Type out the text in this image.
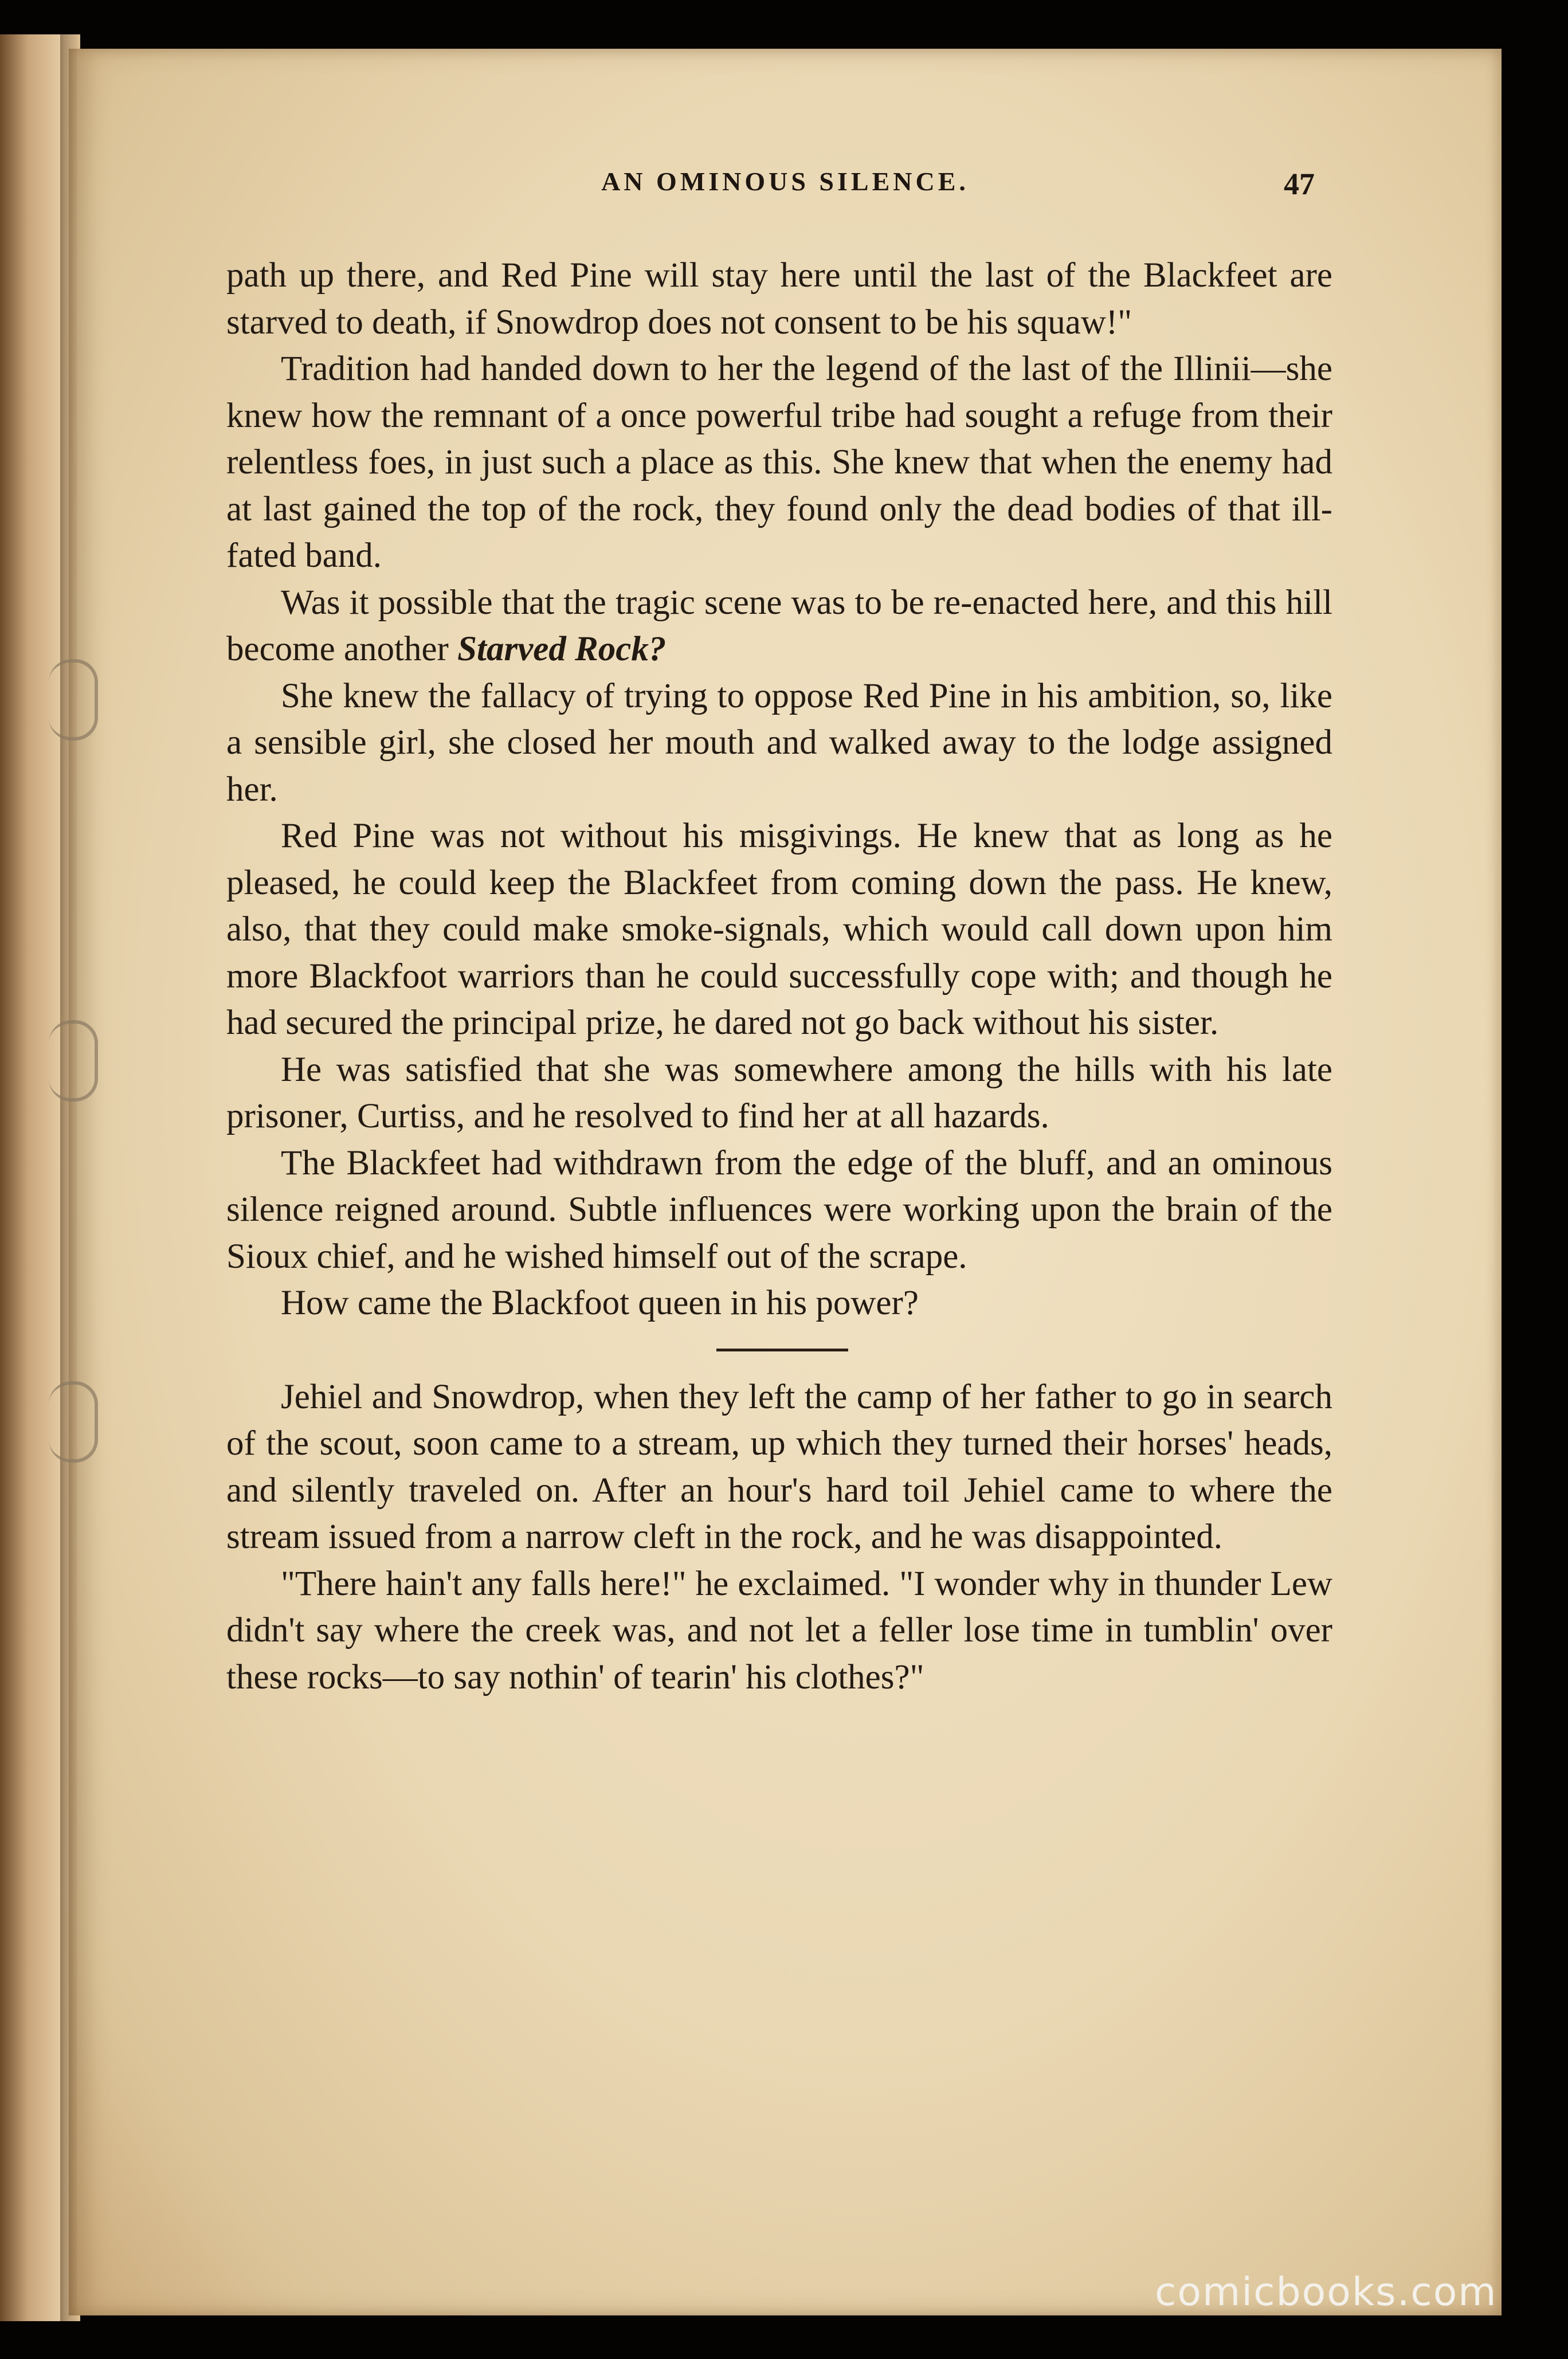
AN OMINOUS SILENCE.	47

path up there, and Red Pine will stay here until the last of the Blackfeet are starved to death, if Snowdrop does not consent to be his squaw!"

Tradition had handed down to her the legend of the last of the Illinii—she knew how the remnant of a once powerful tribe had sought a refuge from their relentless foes, in just such a place as this. She knew that when the enemy had at last gained the top of the rock, they found only the dead bodies of that ill-fated band.

Was it possible that the tragic scene was to be re-enacted here, and this hill become another Starved Rock?

She knew the fallacy of trying to oppose Red Pine in his ambition, so, like a sensible girl, she closed her mouth and walked away to the lodge assigned her.

Red Pine was not without his misgivings. He knew that as long as he pleased, he could keep the Blackfeet from coming down the pass. He knew, also, that they could make smoke-signals, which would call down upon him more Blackfoot warriors than he could successfully cope with; and though he had secured the principal prize, he dared not go back without his sister.

He was satisfied that she was somewhere among the hills with his late prisoner, Curtiss, and he resolved to find her at all hazards.

The Blackfeet had withdrawn from the edge of the bluff, and an ominous silence reigned around. Subtle influences were working upon the brain of the Sioux chief, and he wished himself out of the scrape.

How came the Blackfoot queen in his power?

Jehiel and Snowdrop, when they left the camp of her father to go in search of the scout, soon came to a stream, up which they turned their horses' heads, and silently traveled on. After an hour's hard toil Jehiel came to where the stream issued from a narrow cleft in the rock, and he was disappointed.

"There hain't any falls here!" he exclaimed. "I wonder why in thunder Lew didn't say where the creek was, and not let a feller lose time in tumblin' over these rocks—to say nothin' of tearin' his clothes?"

comicbooks.com
